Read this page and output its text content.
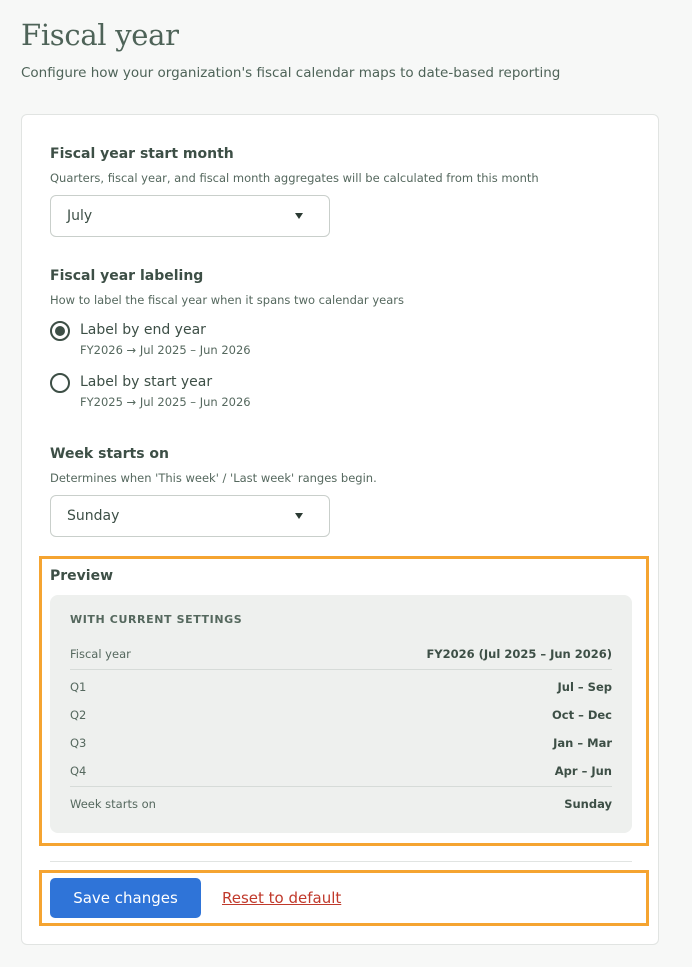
Fiscal year

Configure how your organization's fiscal calendar maps to date-based reporting

Fiscal year start month

Quarters, fiscal year, and fiscal month aggregates will be calculated from this month

July

Fiscal year labeling

How to label the fiscal year when it spans two calendar years

Label by end year
FY2026 → Jul 2025 – Jun 2026
Label by start year
FY2025 → Jul 2025 – Jun 2026

Week starts on

Determines when 'This week' / 'Last week' ranges begin.

Sunday

Preview

WITH CURRENT SETTINGS
Fiscal year	FY2026 (Jul 2025 – Jun 2026)
Q1	Jul – Sep
Q2	Oct – Dec
Q3	Jan – Mar
Q4	Apr – Jun
Week starts on	Sunday
Save changes	Reset to default
